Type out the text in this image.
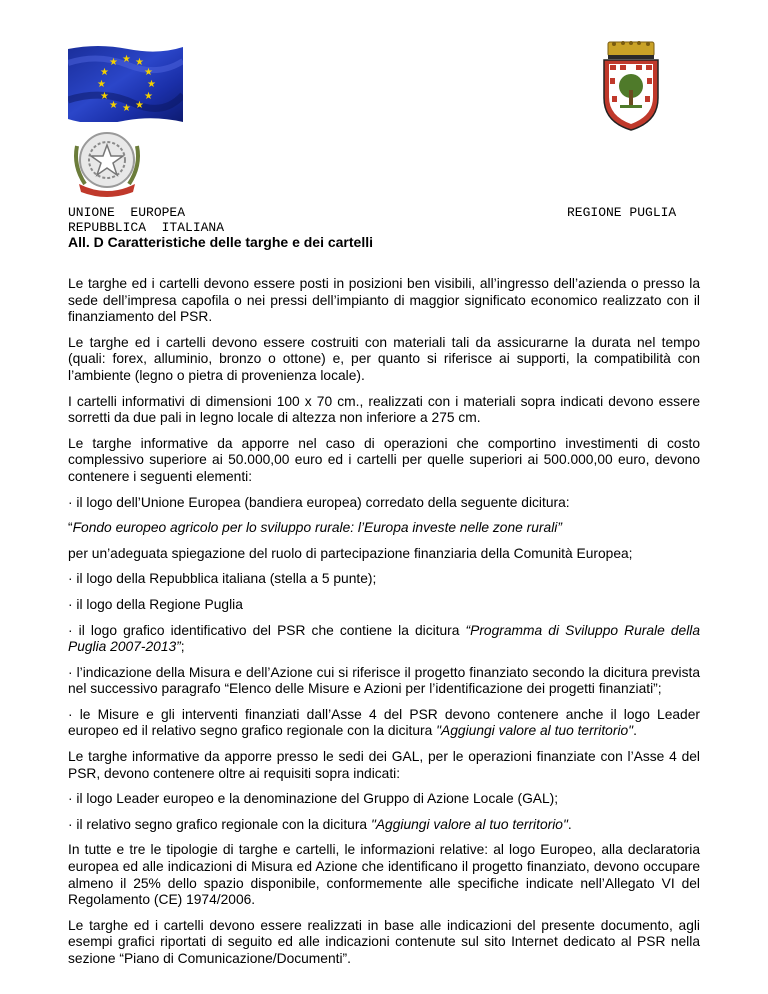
★ ★
★
★
★
★
★
★
★
★
★
★
UNIONE  EUROPEA
REPUBBLICA  ITALIANA
REGIONE PUGLIA
All. D Caratteristiche delle targhe e dei cartelli

Le targhe ed i cartelli devono essere posti in posizioni ben visibili, all’ingresso dell’azienda o presso la sede dell’impresa capofila o nei pressi dell’impianto di maggior significato economico realizzato con il finanziamento del PSR.

Le targhe ed i cartelli devono essere costruiti con materiali tali da assicurarne la durata nel tempo (quali: forex, alluminio, bronzo o ottone) e, per quanto si riferisce ai supporti, la compatibilità con l’ambiente (legno o pietra di provenienza locale).

I cartelli informativi di dimensioni 100 x 70 cm., realizzati con i materiali sopra indicati devono essere sorretti da due pali in legno locale di altezza non inferiore a 275 cm.

Le targhe informative da apporre nel caso di operazioni che comportino investimenti di costo complessivo superiore ai 50.000,00 euro ed i cartelli per quelle superiori ai 500.000,00 euro, devono contenere i seguenti elementi:

· il logo dell’Unione Europea (bandiera europea) corredato della seguente dicitura:

“Fondo europeo agricolo per lo sviluppo rurale: l’Europa investe nelle zone rurali”

per un’adeguata spiegazione del ruolo di partecipazione finanziaria della Comunità Europea;

· il logo della Repubblica italiana (stella a 5 punte);

· il logo della Regione Puglia

· il logo grafico identificativo del PSR che contiene la dicitura “Programma di Sviluppo Rurale della Puglia 2007-2013”;

· l’indicazione della Misura e dell’Azione cui si riferisce il progetto finanziato secondo la dicitura prevista nel successivo paragrafo “Elenco delle Misure e Azioni per l’identificazione dei progetti finanziati”;

· le Misure e gli interventi finanziati dall’Asse 4 del PSR devono contenere anche il logo Leader europeo ed il relativo segno grafico regionale con la dicitura "Aggiungi valore al tuo territorio".

Le targhe informative da apporre presso le sedi dei GAL, per le operazioni finanziate con l’Asse 4 del PSR, devono contenere oltre ai requisiti sopra indicati:

· il logo Leader europeo e la denominazione del Gruppo di Azione Locale (GAL);

· il relativo segno grafico regionale con la dicitura "Aggiungi valore al tuo territorio".

In tutte e tre le tipologie di targhe e cartelli, le informazioni relative: al logo Europeo, alla declaratoria europea ed alle indicazioni di Misura ed Azione che identificano il progetto finanziato, devono occupare almeno il 25% dello spazio disponibile, conformemente alle specifiche indicate nell’Allegato VI del Regolamento (CE) 1974/2006.

Le targhe ed i cartelli devono essere realizzati in base alle indicazioni del presente documento, agli esempi grafici riportati di seguito ed alle indicazioni contenute sul sito Internet dedicato al PSR nella sezione “Piano di Comunicazione/Documenti”.
